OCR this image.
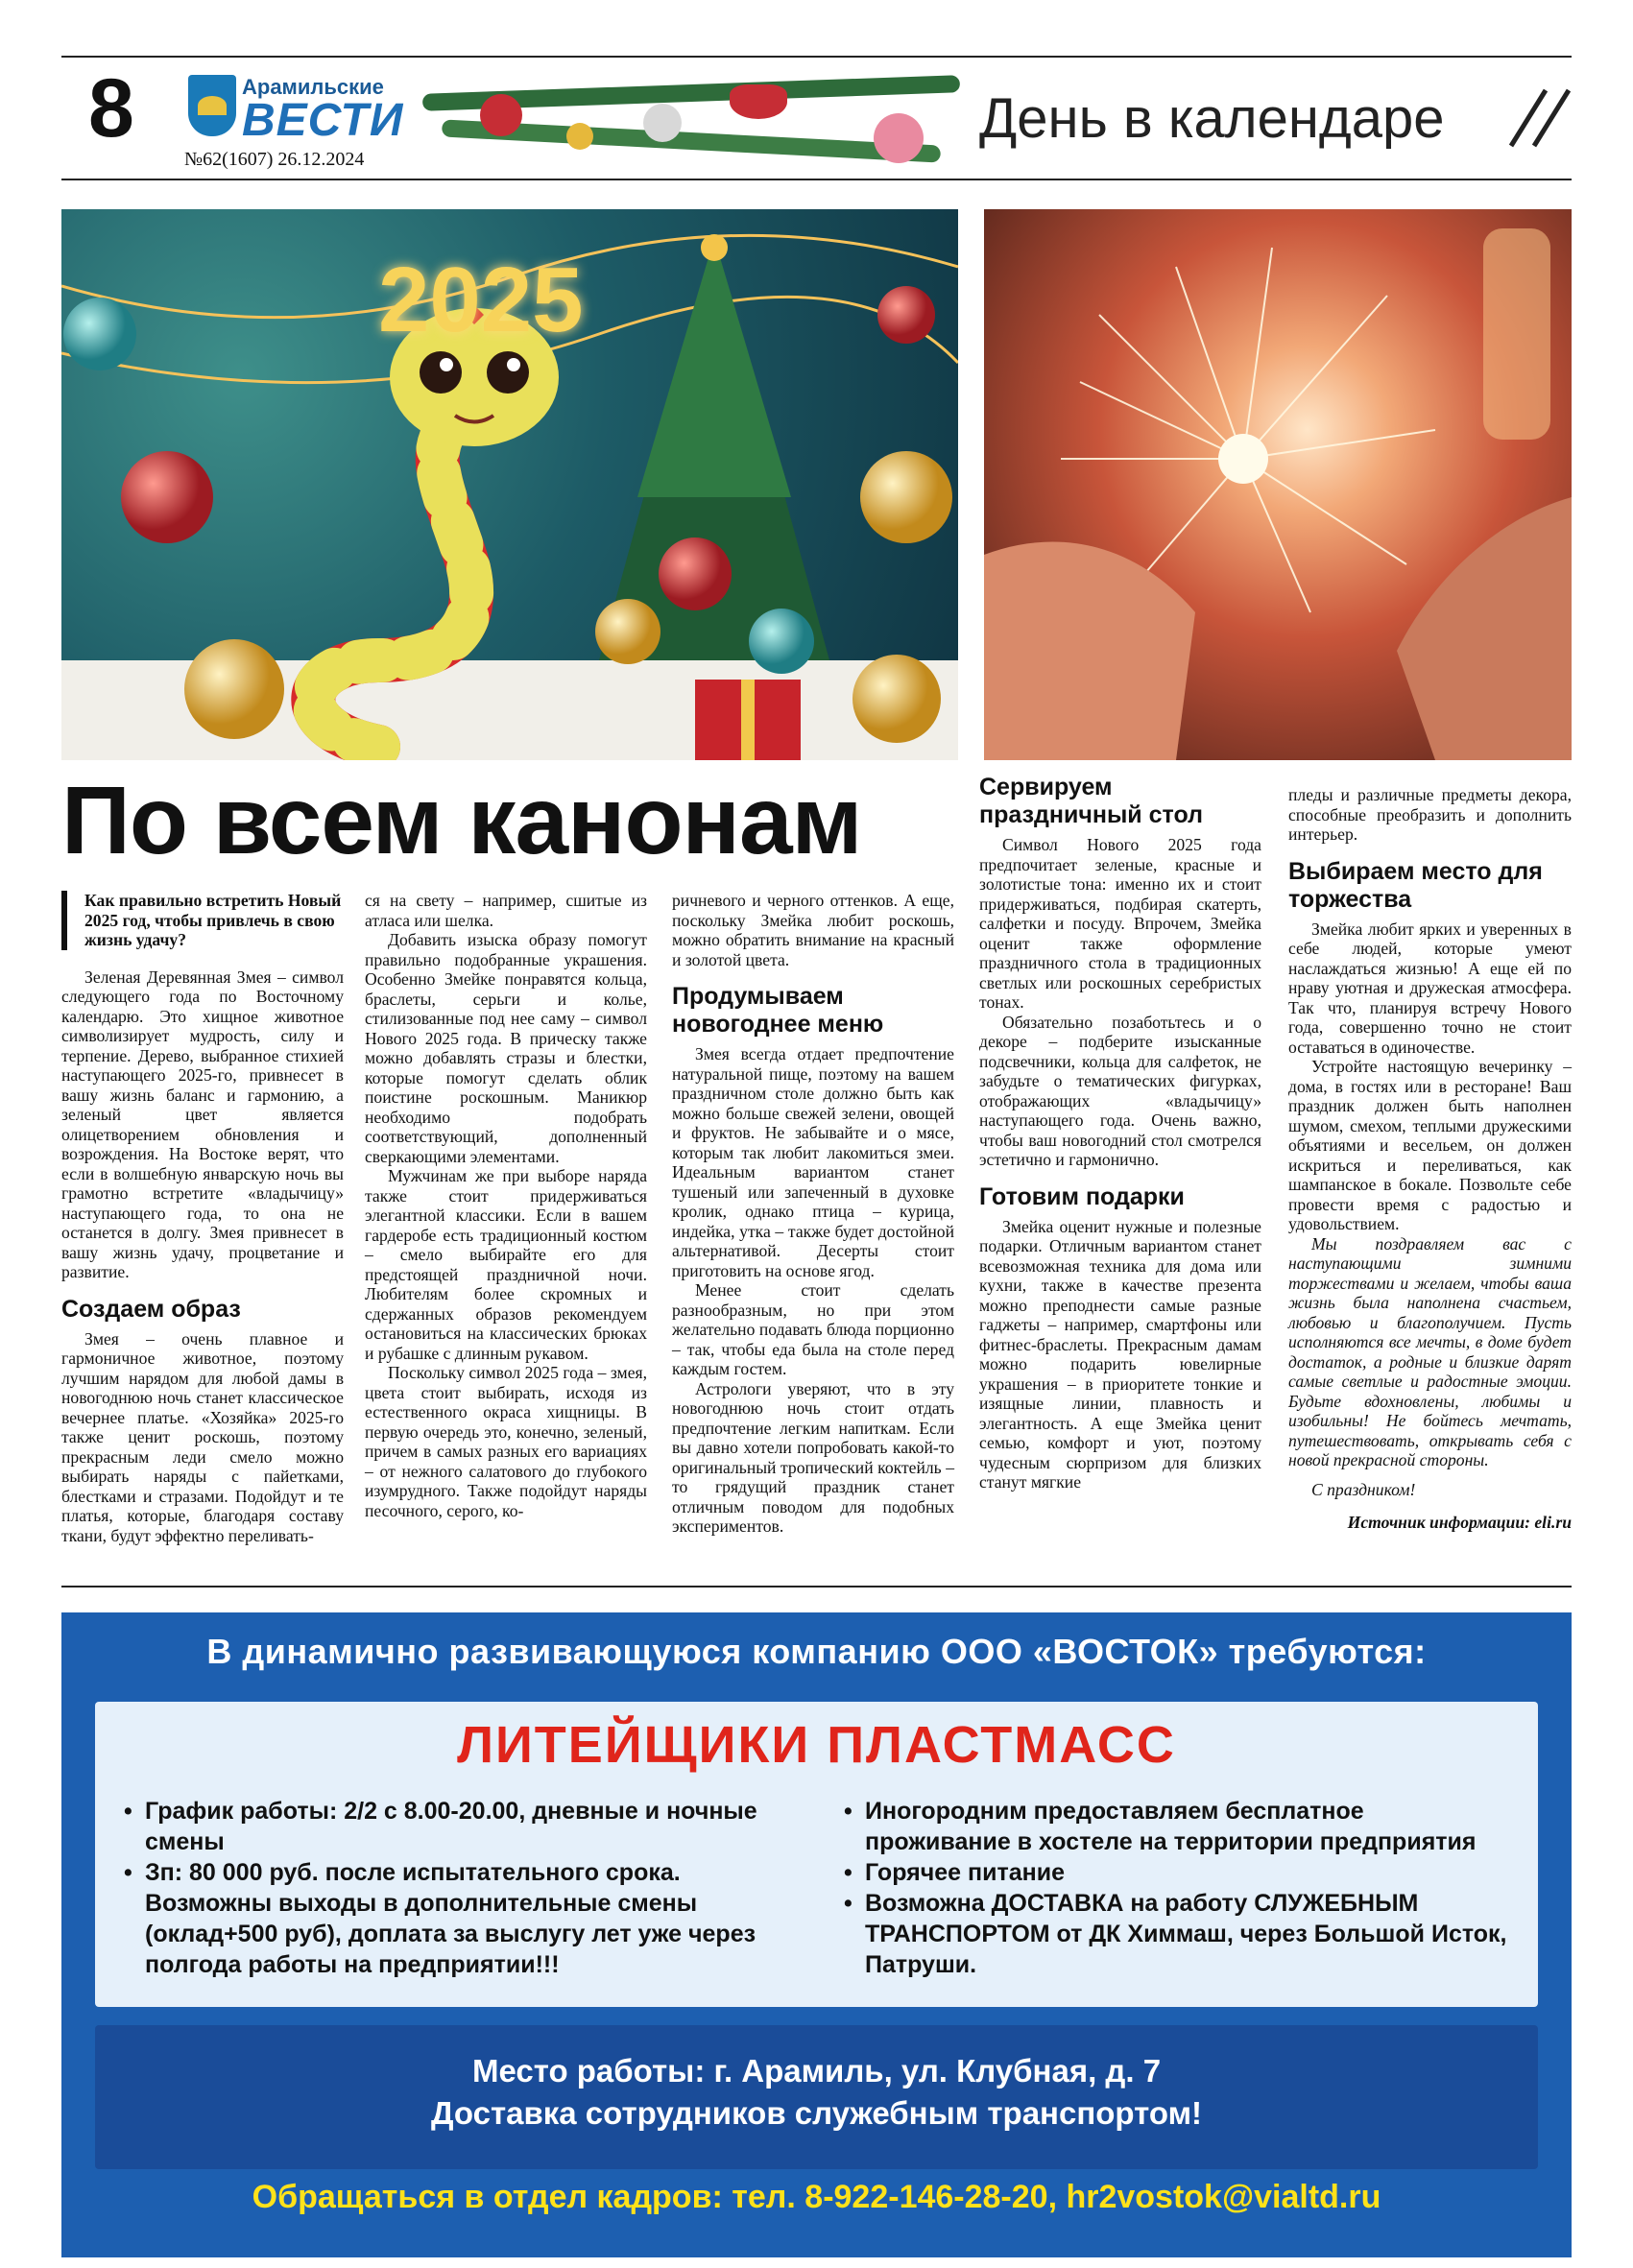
8	Арамильские
ВЕСТИ
№62(1607) 26.12.2024
День в календаре
2025
По всем канонам
Как правильно встретить Новый 2025 год, чтобы привлечь в свою жизнь удачу?

Зеленая Деревянная Змея – символ следующего года по Восточному календарю. Это хищное животное символизирует мудрость, силу и терпение. Дерево, выбранное стихией наступающего 2025-го, привнесет в вашу жизнь баланс и гармонию, а зеленый цвет является олицетворением обновления и возрождения. На Востоке верят, что если в волшебную январскую ночь вы грамотно встретите «владычицу» наступающего года, то она не останется в долгу. Змея привнесет в вашу жизнь удачу, процветание и развитие.

Создаем образ

Змея – очень плавное и гармоничное животное, поэтому лучшим нарядом для любой дамы в новогоднюю ночь станет классическое вечернее платье. «Хозяйка» 2025-го также ценит роскошь, поэтому прекрасным леди смело можно выбирать наряды с пайетками, блестками и стразами. Подойдут и те платья, которые, благодаря составу ткани, будут эффектно переливать-

ся на свету – например, сшитые из атласа или шелка.

Добавить изыска образу помогут правильно подобранные украшения. Особенно Змейке понравятся кольца, браслеты, серьги и колье, стилизованные под нее саму – символ Нового 2025 года. В прическу также можно добавлять стразы и блестки, которые помогут сделать облик поистине роскошным. Маникюр необходимо подобрать соответствующий, дополненный сверкающими элементами.

Мужчинам же при выборе наряда также стоит придерживаться элегантной классики. Если в вашем гардеробе есть традиционный костюм – смело выбирайте его для предстоящей праздничной ночи. Любителям более скромных и сдержанных образов рекомендуем остановиться на классических брюках и рубашке с длинным рукавом.

Поскольку символ 2025 года – змея, цвета стоит выбирать, исходя из естественного окраса хищницы. В первую очередь это, конечно, зеленый, причем в самых разных его вариациях – от нежного салатового до глубокого изумрудного. Также подойдут наряды песочного, серого, ко-

ричневого и черного оттенков. А еще, поскольку Змейка любит роскошь, можно обратить внимание на красный и золотой цвета.

Продумываем новогоднее меню

Змея всегда отдает предпочтение натуральной пище, поэтому на вашем праздничном столе должно быть как можно больше свежей зелени, овощей и фруктов. Не забывайте и о мясе, которым так любит лакомиться змеи. Идеальным вариантом станет тушеный или запеченный в духовке кролик, однако птица – курица, индейка, утка – также будет достойной альтернативой. Десерты стоит приготовить на основе ягод.

Менее стоит сделать разнообразным, но при этом желательно подавать блюда порционно – так, чтобы еда была на столе перед каждым гостем.

Астрологи уверяют, что в эту новогоднюю ночь стоит отдать предпочтение легким напиткам. Если вы давно хотели попробовать какой-то оригинальный тропический коктейль – то грядущий праздник станет отличным поводом для подобных экспериментов.

Сервируем праздничный стол

Символ Нового 2025 года предпочитает зеленые, красные и золотистые тона: именно их и стоит придерживаться, подбирая скатерть, салфетки и посуду. Впрочем, Змейка оценит также оформление праздничного стола в традиционных светлых или роскошных серебристых тонах.

Обязательно позаботьтесь и о декоре – подберите изысканные подсвечники, кольца для салфеток, не забудьте о тематических фигурках, отображающих «владычицу» наступающего года. Очень важно, чтобы ваш новогодний стол смотрелся эстетично и гармонично.

Готовим подарки

Змейка оценит нужные и полезные подарки. Отличным вариантом станет всевозможная техника для дома или кухни, также в качестве презента можно преподнести самые разные гаджеты – например, смартфоны или фитнес-браслеты. Прекрасным дамам можно подарить ювелирные украшения – в приоритете тонкие и изящные линии, плавность и элегантность. А еще Змейка ценит семью, комфорт и уют, поэтому чудесным сюрпризом для близких станут мягкие

пледы и различные предметы декора, способные преобразить и дополнить интерьер.

Выбираем место для торжества

Змейка любит ярких и уверенных в себе людей, которые умеют наслаждаться жизнью! А еще ей по нраву уютная и дружеская атмосфера. Так что, планируя встречу Нового года, совершенно точно не стоит оставаться в одиночестве.

Устройте настоящую вечеринку – дома, в гостях или в ресторане! Ваш праздник должен быть наполнен шумом, смехом, теплыми дружескими объятиями и весельем, он должен искриться и переливаться, как шампанское в бокале. Позвольте себе провести время с радостью и удовольствием.

Мы поздравляем вас с наступающими зимними торжествами и желаем, чтобы ваша жизнь была наполнена счастьем, любовью и благополучием. Пусть исполняются все мечты, в доме будет достаток, а родные и близкие дарят самые светлые и радостные эмоции. Будьте вдохновлены, любимы и изобильны! Не бойтесь мечтать, путешествовать, открывать себя с новой прекрасной стороны.

С праздником!

Источник информации: eli.ru
В динамично развивающуюся компанию ООО «ВОСТОК» требуются:
ЛИТЕЙЩИКИ ПЛАСТМАСС
• График работы: 2/2 с 8.00-20.00, дневные и ночные смены
• Зп: 80 000 руб. после испытательного срока. Возможны выходы в дополнительные смены (оклад+500 руб), доплата за выслугу лет уже через полгода работы на предприятии!!!
• Иногородним предоставляем бесплатное проживание в хостеле на территории предприятия
• Горячее питание
• Возможна ДОСТАВКА на работу СЛУЖЕБНЫМ ТРАНСПОРТОМ от ДК Химмаш, через Большой Исток, Патруши.
Место работы: г. Арамиль, ул. Клубная, д. 7
Доставка сотрудников служебным транспортом!
Обращаться в отдел кадров: тел. 8-922-146-28-20, hr2vostok@vialtd.ru
